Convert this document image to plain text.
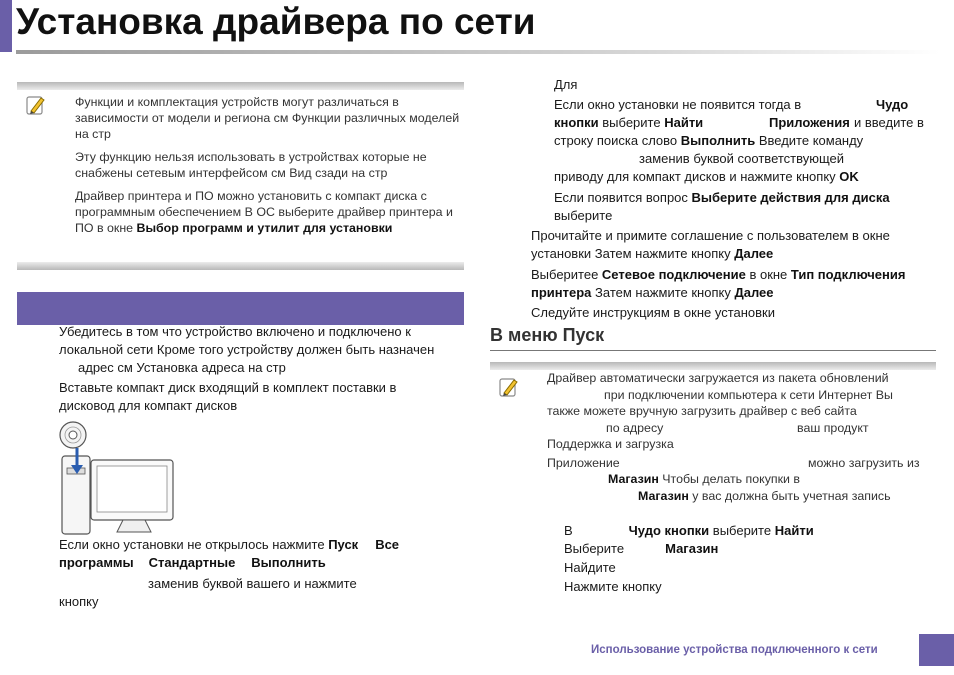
Установка драйвера по сети

Функции и комплектация устройств могут различаться в зависимости от модели и региона см Функции различных моделей на стр

Эту функцию нельзя использовать в устройствах которые не снабжены сетевым интерфейсом см Вид сзади на стр

Драйвер принтера и ПО можно установить с компакт диска с программным обеспечением В ОС выберите драйвер принтера и ПО в окне Выбор программ и утилит для установки

Убедитесь в том что устройство включено и подключено к
локальной сети Кроме того устройству должен быть назначен
адрес см Установка адреса на стр
Вставьте компакт диск входящий в комплект поставки в
дисковод для компакт дисков
Если окно установки не открылось нажмите Пуск Все
программы Стандартные Выполнить
заменив буквой вашего и нажмите
кнопку
Для
Если окно установки не появится тогда в	Чудо
кнопки выберите Найти	Приложения и введите в
строку поиска слово Выполнить Введите команду
заменив буквой соответствующей
приводу для компакт дисков и нажмите кнопку OK
Если появится вопрос Выберите действия для диска
выберите
Прочитайте и примите соглашение с пользователем в окне
установки Затем нажмите кнопку Далее
Выберитее Сетевое подключение в окне Тип подключения
принтера Затем нажмите кнопку Далее
Следуйте инструкциям в окне установки
В меню Пуск
Драйвер автоматически загружается из пакета обновлений
при подключении компьютера к сети Интернет Вы
также можете вручную загрузить драйвер с веб сайта
по адресу	ваш продукт
Поддержка и загрузка
Приложение	можно загрузить из
Магазин Чтобы делать покупки в
Магазин у вас должна быть учетная запись
В	Чудо кнопки выберите Найти
Выберите	Магазин
Найдите
Нажмите кнопку
Использование устройства подключенного к сети
